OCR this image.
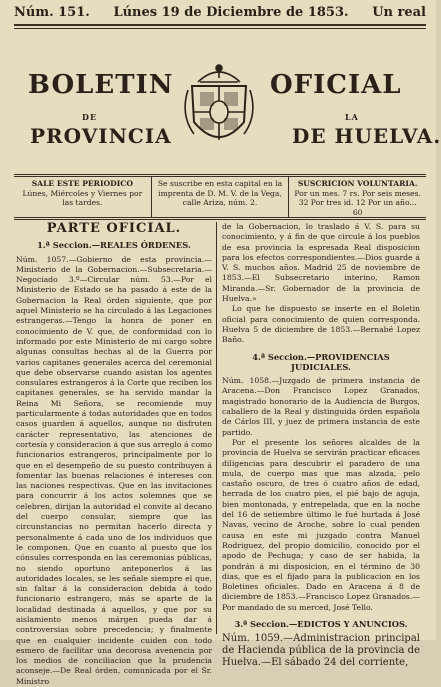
Núm. 151. Lúnes 19 de Diciembre de 1853. Un real
BOLETIN	OFICIAL
DE	LA
PROVINCIA	DE HUELVA.
SALE ESTE PERIODICO
Lúnes, Miércoles y Viernes por las tardes.
Se suscribe en esta capital en la imprenta de D. M. V. de la Vega, calle Ariza, núm. 2.
SUSCRICION VOLUNTARIA.
Por un mes. 7 rs. Por seis meses. 32 Por tres id. 12 Por un año... 60
PARTE OFICIAL.
1.ª Seccion.—REALES ÓRDENES.

Núm. 1057.—Gobierno de esta provincia.—Ministerio de la Gobernacion.—Subsecretaria.—Negociado 3.º—Circular núm. 53.—Por el Ministerio de Estado se ha pasado á este de la Gobernacion la Real órden siguiente, que por aquel Ministerio se ha circulado á las Legaciones estrangeras.—Tengo la honra de poner en conocimiento de V. que, de conformidad con lo informado por este Ministerio de mi cargo sobre algunas consultas hechas al de la Guerra por varios capitanes generales acerca del ceremonial que debe observarse cuando asistan los agentes consulares estrangeros á la Corte que reciben los capitanes generales, se ha servido mandar la Reina Mi Señora, se recomiende muy particularmente á todas autoridades que en todos casos guarden á aquellos, aunque no disfruten carácter representativo, las atenciones de cortesía y consideracion á que sus arreglo á como funcionarios estrangeros, principalmente por lo que en el desempeño de su puesto contribuyen á fomentar las buenas relaciones é intereses con las naciones respectivas. Que en las invitaciones para concurrir á los actos solemnes que se celebren, dirijan la autoridad el convite al decano del cuerpo consular, siempre que las circunstancias no permitan hacerlo directa y personalmente á cada uno de los individuos que le componen. Que en cuanto al puesto que los cónsules corresponda en las ceremonias públicas, no siendo oportuno anteponerlos á las autoridades locales, se les señale siempre el que, sin faltar á la consideracion debida á todo funcionario estrangero, más se aparte de la localidad destinada á aquellos, y que por su aislamiento menos márgen pueda dar á controversias sobre precedencia; y finalmente que en cualquier incidente cuiden con todo esmero de facilitar una decorosa avenencia por los medios de conciliacion que la prudencia aconseje.—De Real órden, comunicada por el Sr. Ministro

de la Gobernacion, lo traslado á V. S. para su conocimiento, y á fin de que circule á los pueblos de esa provincia la espresada Real disposicion para los efectos correspondientes.—Dios guarde á V. S. muchos años. Madrid 25 de noviembre de 1853.—El Subsecretario interino, Ramon Miranda.—Sr. Gobernador de la provincia de Huelva.»

Lo que he dispuesto se inserte en el Boletin oficial para conocimiento de quien corresponda. Huelva 5 de diciembre de 1853.—Bernabé Lopez Baño.

4.ª Seccion.—PROVIDENCIAS JUDICIALES.

Núm. 1058.—Juzgado de primera instancia de Aracena.—Don Francisco Lopez Granados, magistrado honorario de la Audiencia de Burgos, caballero de la Real y distinguida órden española de Cárlos III, y juez de primera instancia de este partido.

Por el presente los señores alcaldes de la provincia de Huelva se servirán practicar eficaces diligencias para descubrir el paradero de una mula, de cuerpo mas que mas alzada, pelo castaño oscuro, de tres ó cuatro años de edad, herrada de los cuatro pies, el pié bajo de aguja, bien montonada, y entrepelada, que en la noche del 16 de setiembre último le fué hurtada á José Navas, vecino de Aroche, sobre lo cual penden causa en este mi juzgado contra Manuel Rodriguez, del propio domicilio, conocido por el apodo de Pechuga; y caso de ser habida, la pondrán á mi disposicion, en el término de 30 dias, que es el fijado para la publicacion en los Boletines oficiales. Dado en Aracena á 8 de diciembre de 1853.—Francisco Lopez Granados.—Por mandado de su merced, José Tello.

3.ª Seccion.—EDICTOS Y ANUNCIOS.

Núm. 1059.—Administracion principal de Hacienda pública de la provincia de Huelva.—El sábado 24 del corriente,
